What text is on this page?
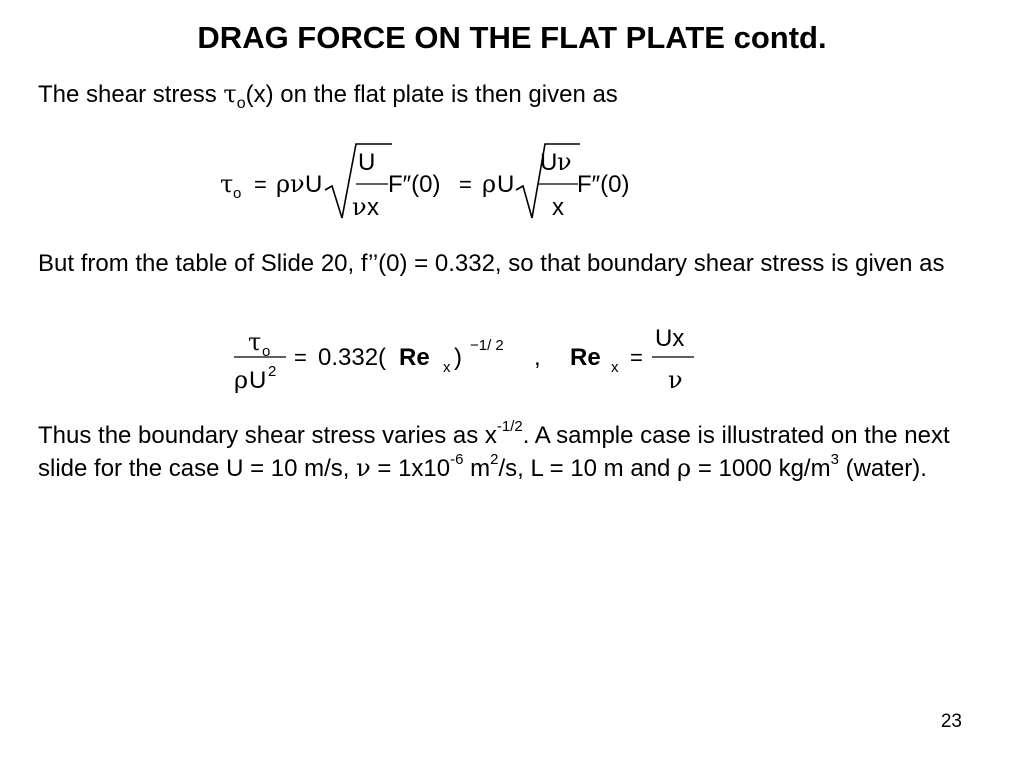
DRAG FORCE ON THE FLAT PLATE contd.
The shear stress $\tau_o(x)$ on the flat plate is then given as
τ o = ρ ν U
U
ν x
F″(0) = ρ U
U ν
x
F″(0)
But from the table of Slide 20, f’’(0) = 0.332, so that boundary shear stress is given as
τ o
ρ U 2
= 0.332( Re x ) −1/ 2 , Re x =
Ux
ν
Thus the boundary shear stress varies as $x^{-1/2}$. A sample case is illustrated on the next slide for the case U = 10 m/s, $\nu = 1x10^{-6}$ $m^2/s$, L = 10 m and ρ = 1000 $kg/m^3$ (water).
23
